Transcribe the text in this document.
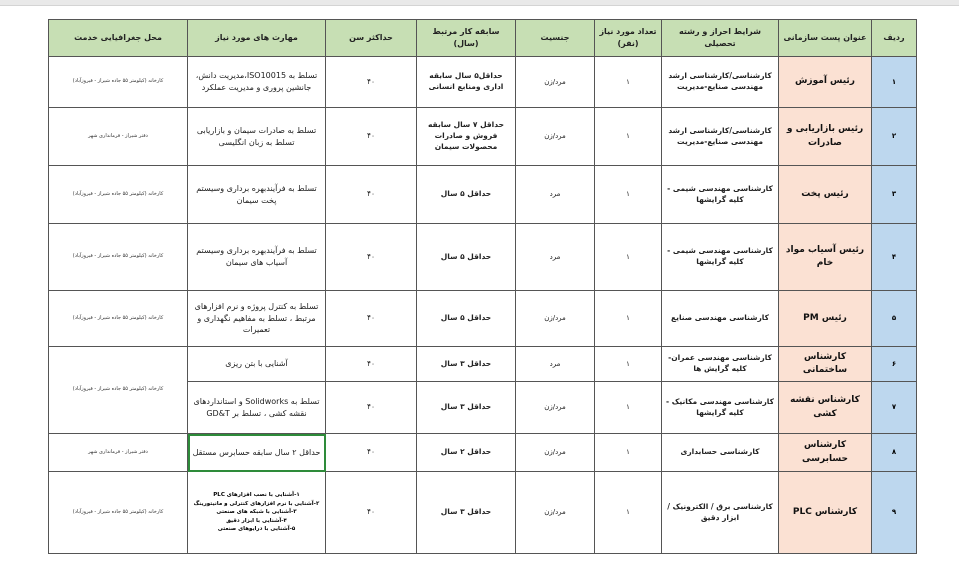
ردیف	عنوان پست سازمانی	شرایط احراز و رشته تحصیلی	تعداد مورد نیاز (نفر)	جنسیت	سابقه کار مرتبط (سال)	حداکثر سن	مهارت های مورد نیاز	محل جغرافیایی خدمت
۱	رئیس آموزش	کارشناسی/کارشناسی ارشد مهندسی صنایع-مدیریت	۱	مرد/زن	حداقل۵ سال سابقه اداری ومنابع انسانی	۴۰	تسلط به ISO10015،مدیریت دانش، جانشین پروری و مدیریت عملکرد	کارخانه (کیلومتر ۵۵ جاده شیراز - فیروزآباد)
۲	رئیس بازاریابی و صادرات	کارشناسی/کارشناسی ارشد مهندسی صنایع-مدیریت	۱	مرد/زن	حداقل ۷ سال سابقه فروش و صادرات محصولات سیمان	۴۰	تسلط به صادرات سیمان و بازاریابی تسلط به زبان انگلیسی	دفتر شیراز - فرمانداری شهر
۳	رئیس پخت	کارشناسی مهندسی شیمی - کلیه گرایشها	۱	مرد	حداقل ۵ سال	۴۰	تسلط به فرآیندبهره برداری وسیستم پخت سیمان	کارخانه (کیلومتر ۵۵ جاده شیراز - فیروزآباد)
۴	رئیس آسیاب مواد خام	کارشناسی مهندسی شیمی - کلیه گرایشها	۱	مرد	حداقل ۵ سال	۴۰	تسلط به فرآیندبهره برداری وسیستم آسیاب های سیمان	کارخانه (کیلومتر ۵۵ جاده شیراز - فیروزآباد)
۵	رئیس PM	کارشناسی مهندسی صنایع	۱	مرد/زن	حداقل ۵ سال	۴۰	تسلط به کنترل پروژه و نرم افزارهای مرتبط ، تسلط به مفاهیم نگهداری و تعمیرات	کارخانه (کیلومتر ۵۵ جاده شیراز - فیروزآباد)
۶	کارشناس ساختمانی	کارشناسی مهندسی عمران-کلیه گرایش ها	۱	مرد	حداقل ۳ سال	۴۰	آشنایی با بتن ریزی	کارخانه (کیلومتر ۵۵ جاده شیراز - فیروزآباد)
۷	کارشناس نقشه کشی	کارشناسی مهندسی مکانیک - کلیه گرایشها	۱	مرد/زن	حداقل ۳ سال	۴۰	تسلط به Solidworks و استانداردهای نقشه کشی ، تسلط بر GD&T	
۸	کارشناس حسابرسی	کارشناسی حسابداری	۱	مرد/زن	حداقل ۲ سال	۴۰	حداقل ۲ سال سابقه حسابرس مستقل	دفتر شیراز - فرمانداری شهر
۹	کارشناس PLC	کارشناسی برق / الکترونیک / ابزار دقیق	۱	مرد/زن	حداقل ۳ سال	۴۰	۱-آشنایی با نصب افزارهای PLC
۲-آشنایی با نرم افزارهای کنترلی و مانیتورینگ
۳-آشنایی با شبکه های صنعتی
۴-آشنایی با ابزار دقیق
۵-آشنایی با درایوهای صنعتی	کارخانه (کیلومتر ۵۵ جاده شیراز - فیروزآباد)
